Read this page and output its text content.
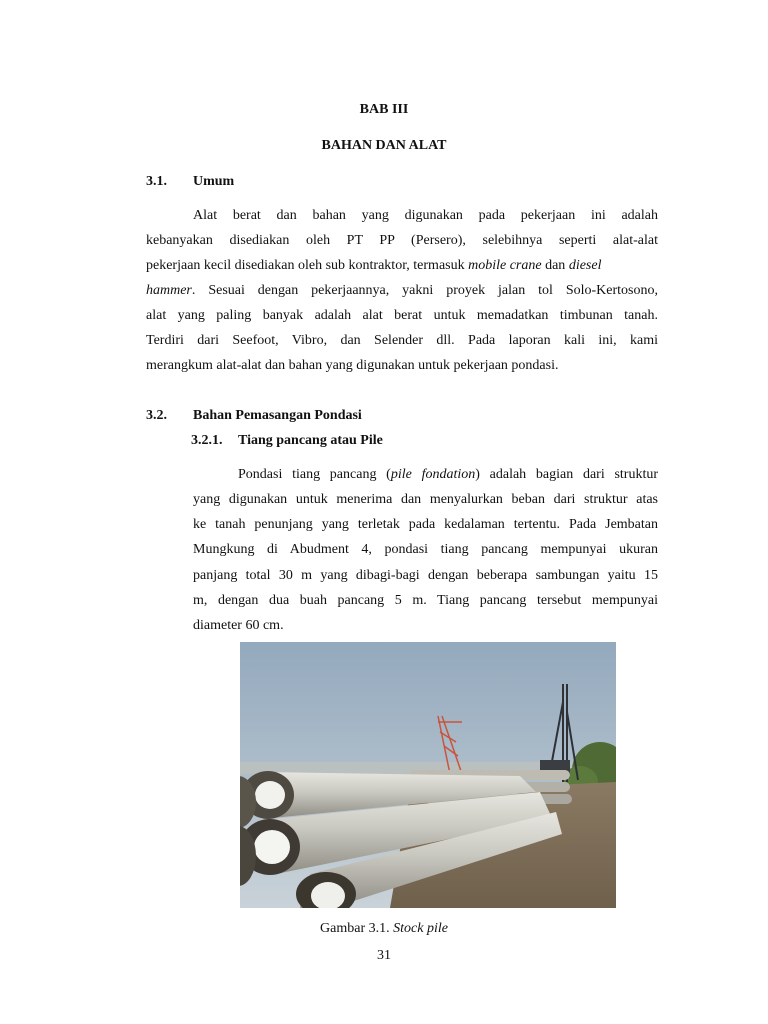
BAB III
BAHAN DAN ALAT
3.1. Umum
Alat berat dan bahan yang digunakan pada pekerjaan ini adalah
kebanyakan disediakan oleh PT PP (Persero), selebihnya seperti alat-alat
pekerjaan kecil disediakan oleh sub kontraktor, termasuk mobile crane dan diesel
hammer. Sesuai dengan pekerjaannya, yakni proyek jalan tol Solo-Kertosono,
alat yang paling banyak adalah alat berat untuk memadatkan timbunan tanah.
Terdiri dari Seefoot, Vibro, dan Selender dll. Pada laporan kali ini, kami
merangkum alat-alat dan bahan yang digunakan untuk pekerjaan pondasi.
3.2. Bahan Pemasangan Pondasi
3.2.1. Tiang pancang atau Pile
Pondasi tiang pancang (pile fondation) adalah bagian dari struktur
yang digunakan untuk menerima dan menyalurkan beban dari struktur atas
ke tanah penunjang yang terletak pada kedalaman tertentu. Pada Jembatan
Mungkung di Abudment 4, pondasi tiang pancang mempunyai ukuran
panjang total 30 m yang dibagi-bagi dengan beberapa sambungan yaitu 15
m, dengan dua buah pancang 5 m. Tiang pancang tersebut mempunyai
diameter 60 cm.
Gambar 3.1. Stock pile
31
